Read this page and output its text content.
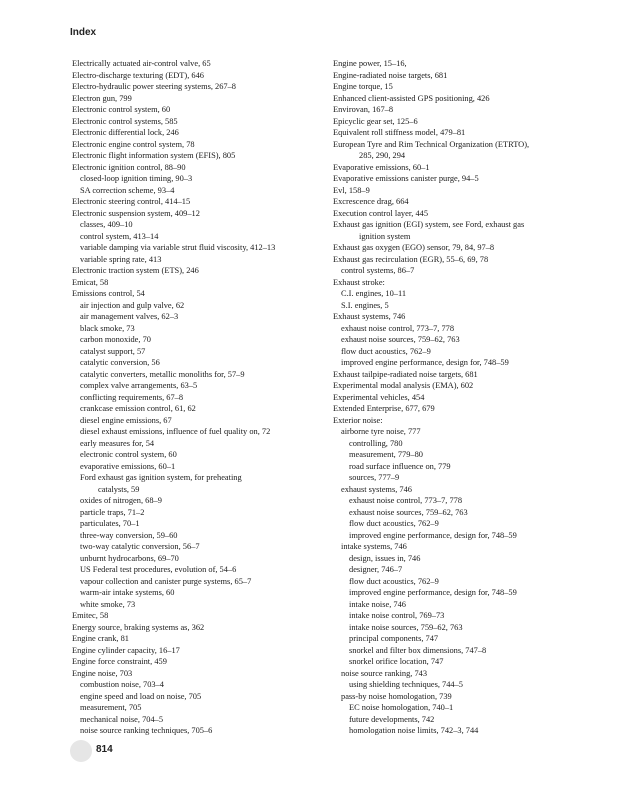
Index
Electrically actuated air-control valve, 65
Electro-discharge texturing (EDT), 646
Electro-hydraulic power steering systems, 267–8
Electron gun, 799
Electronic control system, 60
Electronic control systems, 585
Electronic differential lock, 246
Electronic engine control system, 78
Electronic flight information system (EFIS), 805
Electronic ignition control, 88–90
closed-loop ignition timing, 90–3
SA correction scheme, 93–4
Electronic steering control, 414–15
Electronic suspension system, 409–12
classes, 409–10
control system, 413–14
variable damping via variable strut fluid viscosity, 412–13
variable spring rate, 413
Electronic traction system (ETS), 246
Emicat, 58
Emissions control, 54
air injection and gulp valve, 62
air management valves, 62–3
black smoke, 73
carbon monoxide, 70
catalyst support, 57
catalytic conversion, 56
catalytic converters, metallic monoliths for, 57–9
complex valve arrangements, 63–5
conflicting requirements, 67–8
crankcase emission control, 61, 62
diesel engine emissions, 67
diesel exhaust emissions, influence of fuel quality on, 72
early measures for, 54
electronic control system, 60
evaporative emissions, 60–1
Ford exhaust gas ignition system, for preheating
catalysts, 59
oxides of nitrogen, 68–9
particle traps, 71–2
particulates, 70–1
three-way conversion, 59–60
two-way catalytic conversion, 56–7
unburnt hydrocarbons, 69–70
US Federal test procedures, evolution of, 54–6
vapour collection and canister purge systems, 65–7
warm-air intake systems, 60
white smoke, 73
Emitec, 58
Energy source, braking systems as, 362
Engine crank, 81
Engine cylinder capacity, 16–17
Engine force constraint, 459
Engine noise, 703
combustion noise, 703–4
engine speed and load on noise, 705
measurement, 705
mechanical noise, 704–5
noise source ranking techniques, 705–6
Engine power, 15–16,
Engine-radiated noise targets, 681
Engine torque, 15
Enhanced client-assisted GPS positioning, 426
Envirovan, 167–8
Epicyclic gear set, 125–6
Equivalent roll stiffness model, 479–81
European Tyre and Rim Technical Organization (ETRTO),
285, 290, 294
Evaporative emissions, 60–1
Evaporative emissions canister purge, 94–5
Evl, 158–9
Excrescence drag, 664
Execution control layer, 445
Exhaust gas ignition (EGI) system, see Ford, exhaust gas
ignition system
Exhaust gas oxygen (EGO) sensor, 79, 84, 97–8
Exhaust gas recirculation (EGR), 55–6, 69, 78
control systems, 86–7
Exhaust stroke:
C.I. engines, 10–11
S.I. engines, 5
Exhaust systems, 746
exhaust noise control, 773–7, 778
exhaust noise sources, 759–62, 763
flow duct acoustics, 762–9
improved engine performance, design for, 748–59
Exhaust tailpipe-radiated noise targets, 681
Experimental modal analysis (EMA), 602
Experimental vehicles, 454
Extended Enterprise, 677, 679
Exterior noise:
airborne tyre noise, 777
controlling, 780
measurement, 779–80
road surface influence on, 779
sources, 777–9
exhaust systems, 746
exhaust noise control, 773–7, 778
exhaust noise sources, 759–62, 763
flow duct acoustics, 762–9
improved engine performance, design for, 748–59
intake systems, 746
design, issues in, 746
designer, 746–7
flow duct acoustics, 762–9
improved engine performance, design for, 748–59
intake noise, 746
intake noise control, 769–73
intake noise sources, 759–62, 763
principal components, 747
snorkel and filter box dimensions, 747–8
snorkel orifice location, 747
noise source ranking, 743
using shielding techniques, 744–5
pass-by noise homologation, 739
EC noise homologation, 740–1
future developments, 742
homologation noise limits, 742–3, 744
814
